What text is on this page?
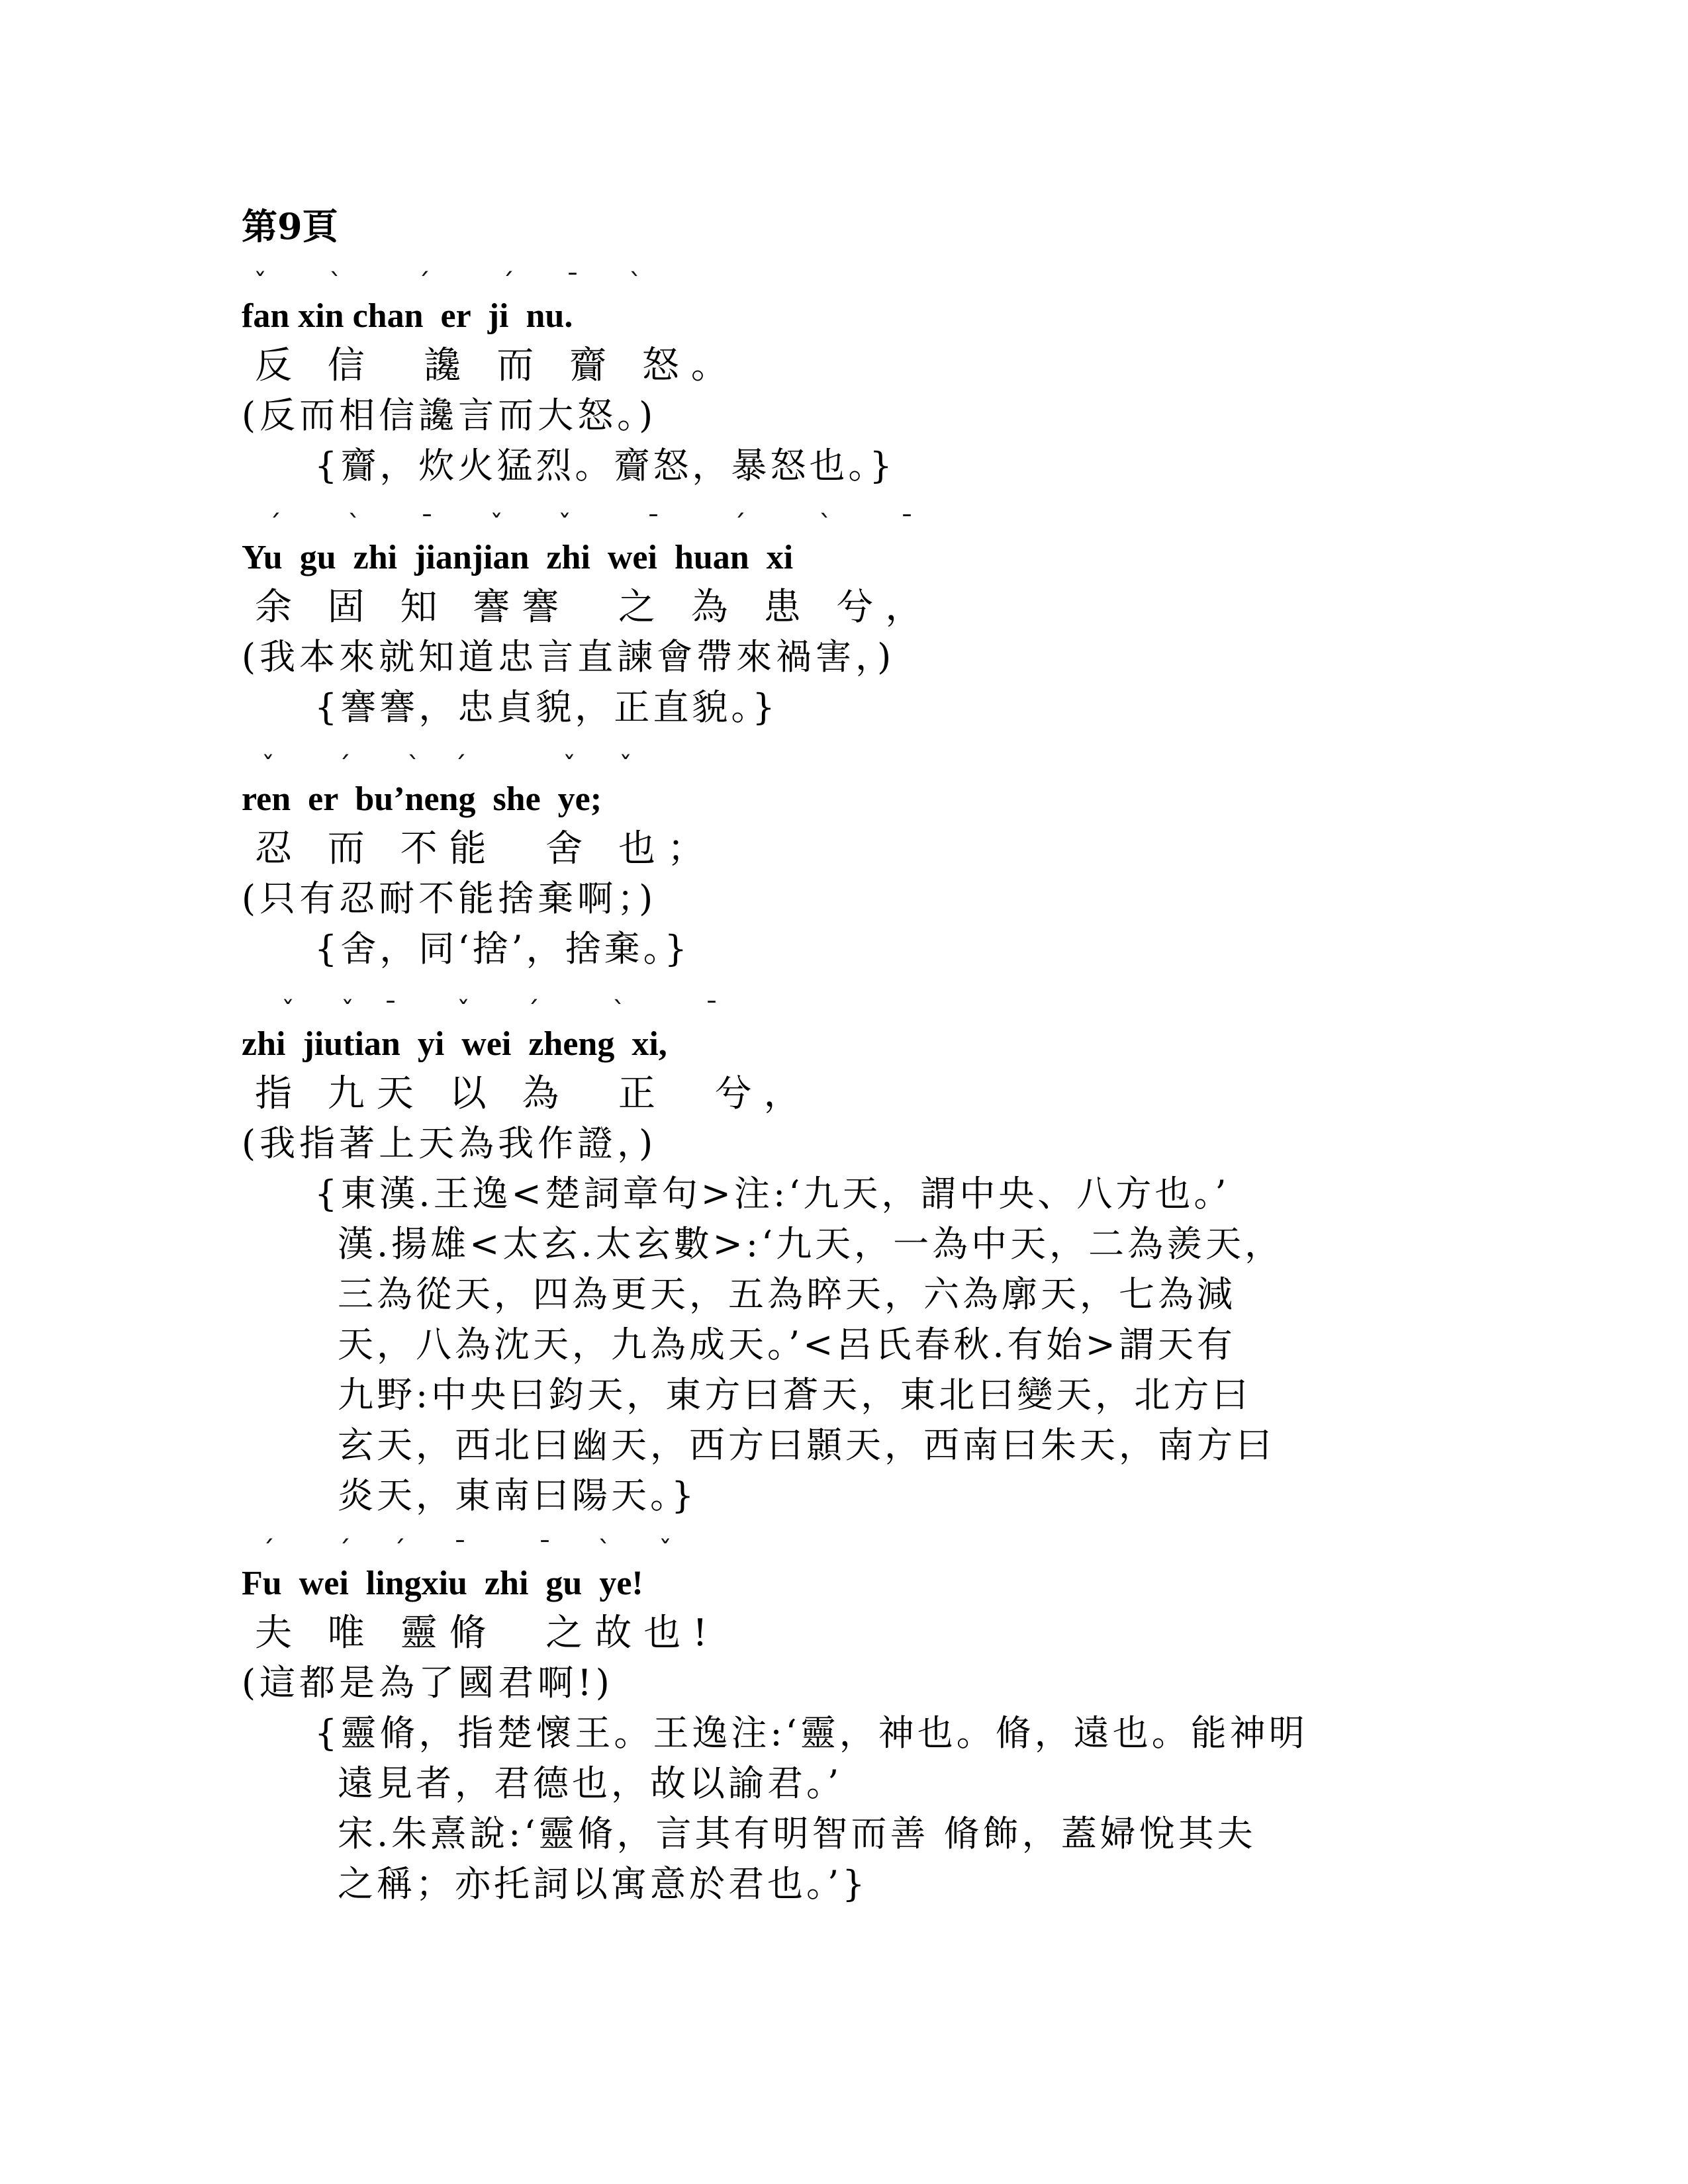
第9頁

ˇ

ˋ

	ˊ

	ˊ

ˉ

ˋ

fan xin chan  er  ji  nu.
反 信  讒 而 齎 怒。
(反而相信讒言而大怒。)
{齎，炊火猛烈。齎怒，暴怒也。}

ˊ

	ˋ

ˉ

ˇ

ˇ

	ˉ

	ˊ

	ˋ

	ˉ

Yu  gu  zhi  jianjian  zhi  wei  huan  xi
余 固 知 謇謇  之 為 患 兮，
(我本來就知道忠言直諫會帶來禍害，)
{謇謇，忠貞貌，正直貌。}

ˇ

ˊ

ˋ

ˊ

	ˇ

ˇ

ren  er  bu’neng  she  ye;
忍 而 不能  舍 也；
(只有忍耐不能捨棄啊；)
{舍，同‘捨’，捨棄。}

ˇ

ˇ

ˉ

ˇ

ˊ

	ˋ

	ˉ

zhi  jiutian  yi  wei  zheng  xi,
指 九天 以 為  正  兮，
(我指著上天為我作證，)
{東漢.王逸<楚詞章句>注:‘九天，謂中央、八方也。’
漢.揚雄<太玄.太玄數>:‘九天，一為中天，二為羨天，
三為從天，四為更天，五為睟天，六為廓天，七為減
天，八為沈天，九為成天。’<呂氏春秋.有始>謂天有
九野:中央曰鈞天，東方曰蒼天，東北曰變天，北方曰
玄天，西北曰幽天，西方曰顥天，西南曰朱天，南方曰
炎天，東南曰陽天。}

ˊ

ˊ

ˊ

ˉ

	ˉ

ˋ

ˇ

Fu  wei  lingxiu  zhi  gu  ye!
夫 唯 靈脩  之故也!
(這都是為了國君啊!)
{靈脩，指楚懷王。王逸注:‘靈，神也。脩，遠也。能神明
遠見者，君德也，故以諭君。’
宋.朱熹說:‘靈脩，言其有明智而善 脩飾，蓋婦悅其夫
之稱；亦托詞以寓意於君也。’}
